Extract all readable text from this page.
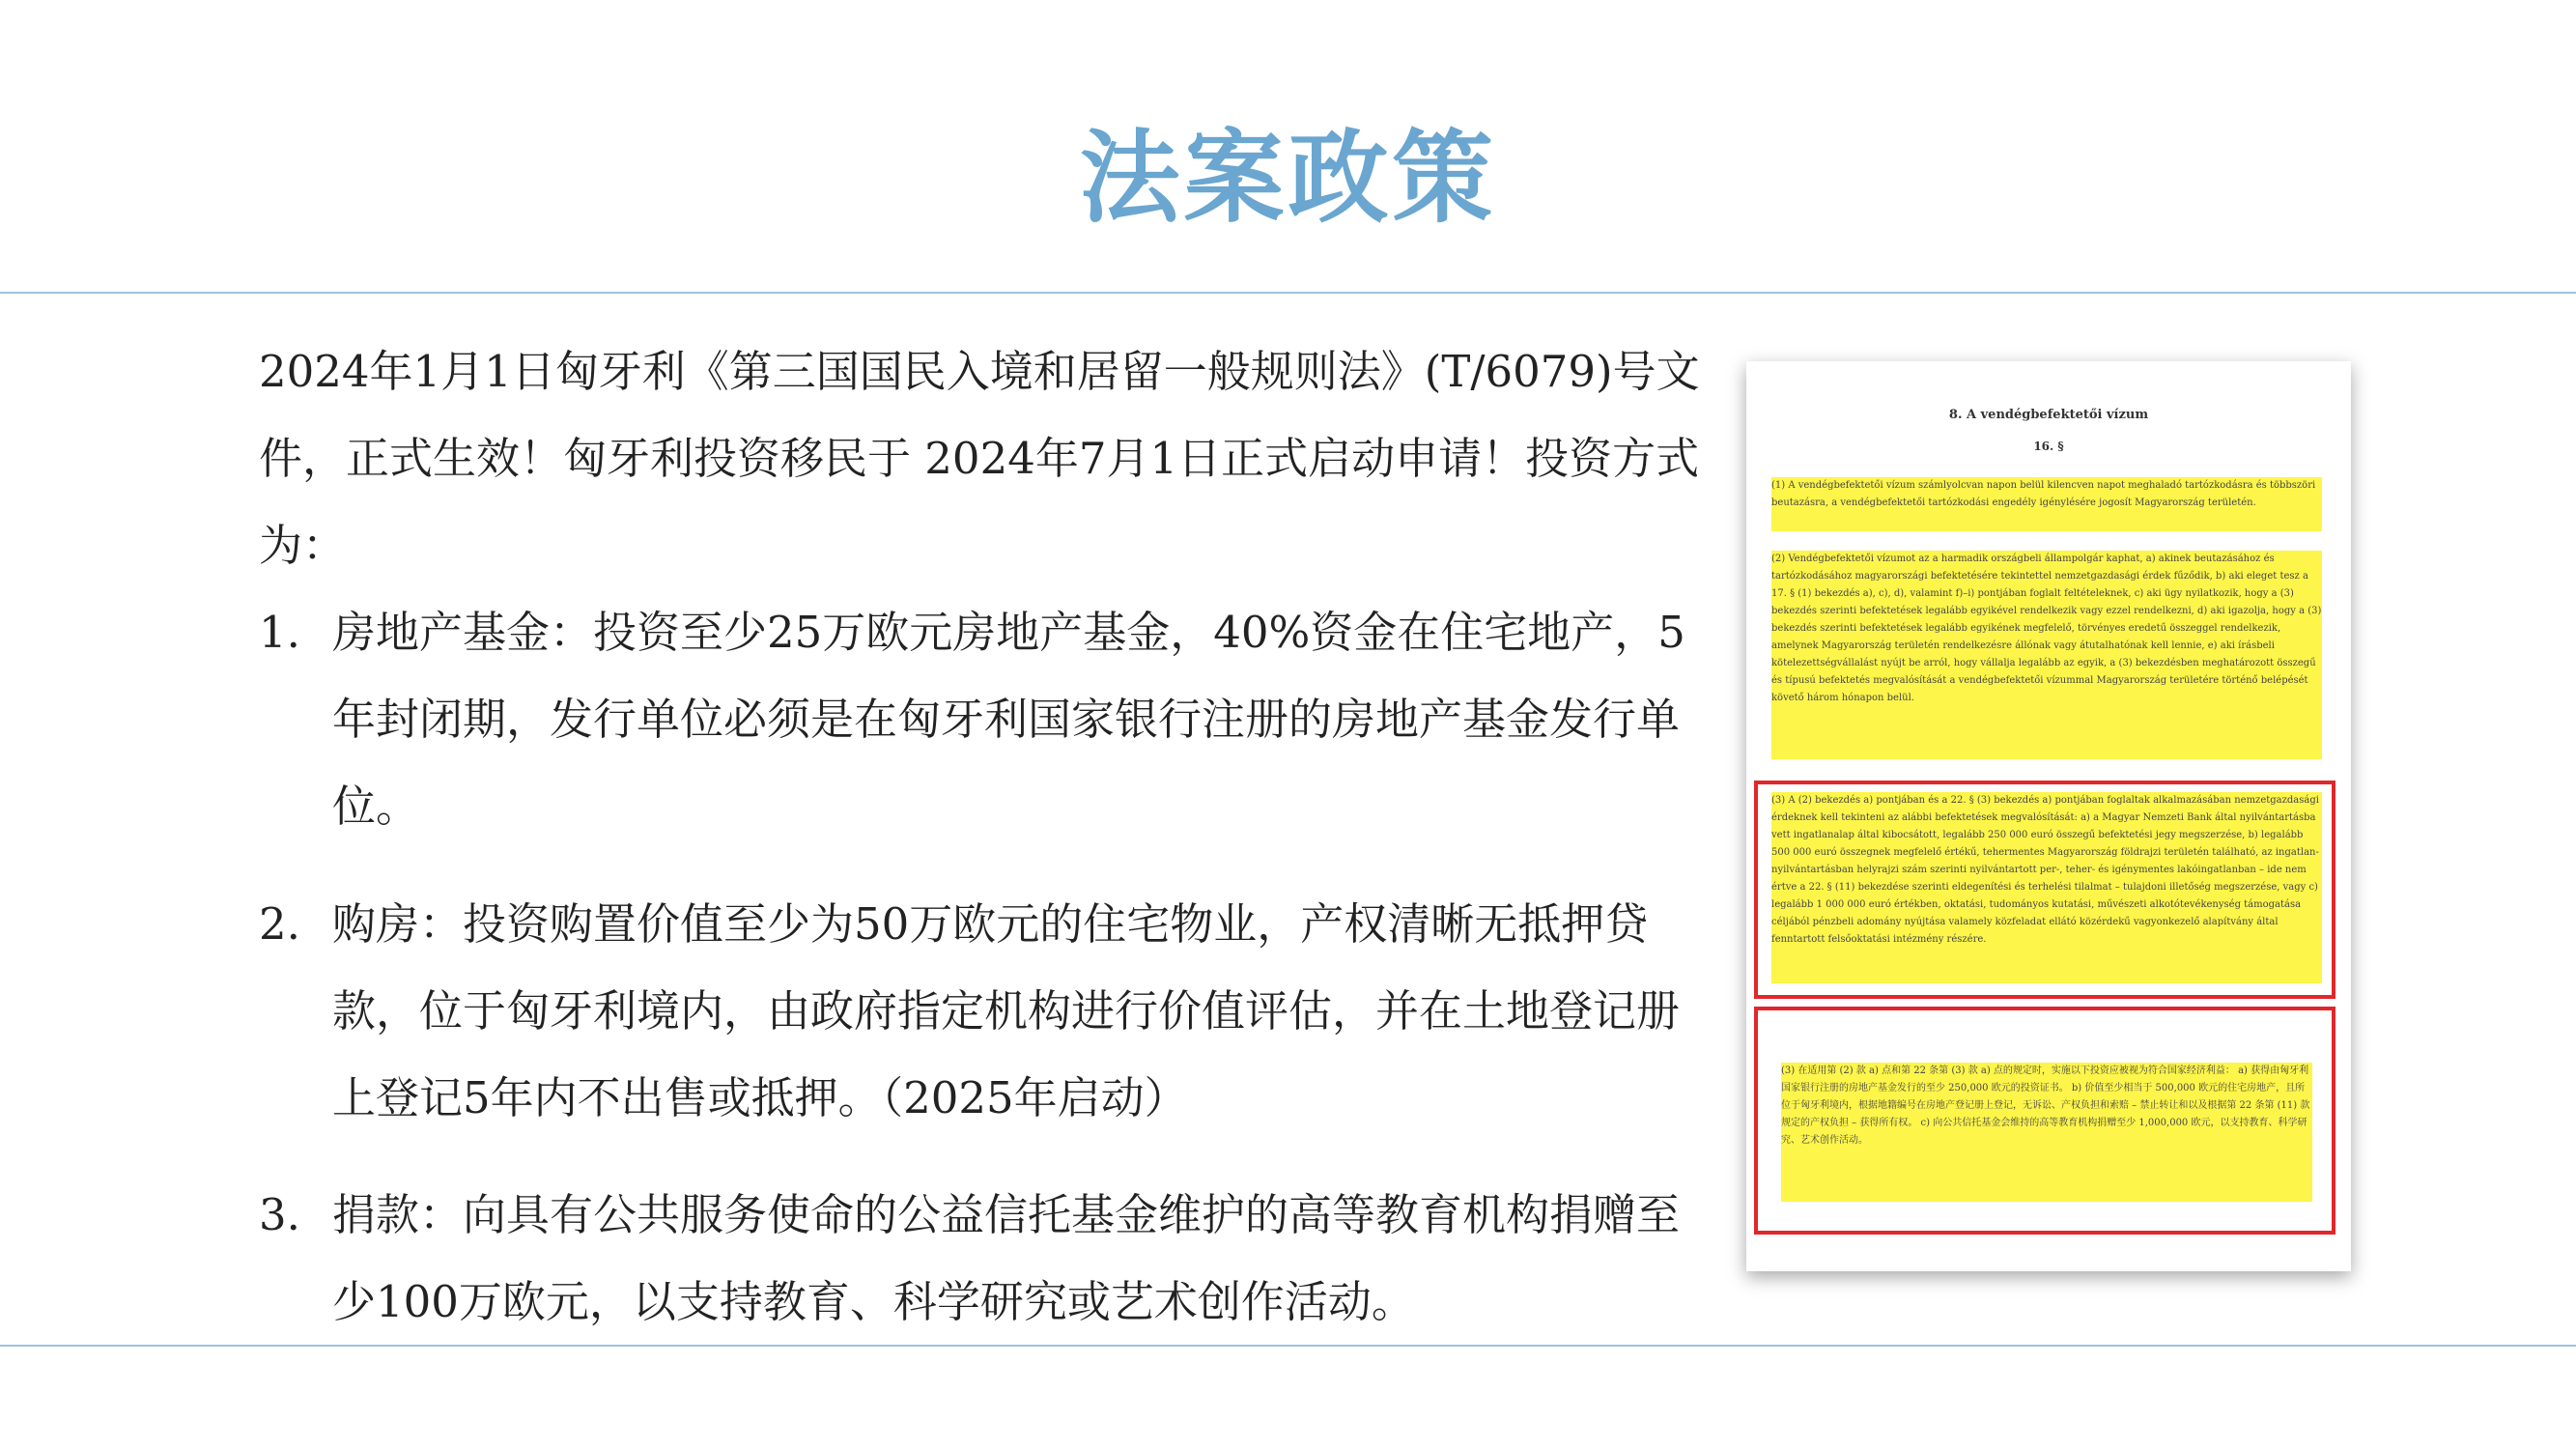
法案政策
2024年1月1日匈牙利《第三国国民入境和居留一般规则法》(T/6079)号文件，正式生效！匈牙利投资移民于 2024年7月1日正式启动申请！投资方式为：
1. 房地产基金：投资至少25万欧元房地产基金，40%资金在住宅地产，5年封闭期，发行单位必须是在匈牙利国家银行注册的房地产基金发行单位。
2. 购房：投资购置价值至少为50万欧元的住宅物业，产权清晰无抵押贷款，位于匈牙利境内，由政府指定机构进行价值评估，并在土地登记册上登记5年内不出售或抵押。（2025年启动）
3. 捐款：向具有公共服务使命的公益信托基金维护的高等教育机构捐赠至少100万欧元，以支持教育、科学研究或艺术创作活动。
8. A vendégbefektetői vízum
16. §
(1) A vendégbefektetői vízum számlyolcvan napon belül kilencven napot meghaladó tartózkodásra és többszöri beutazásra, a vendégbefektetői tartózkodási engedély igénylésére jogosít Magyarország területén.
(2) Vendégbefektetői vízumot az a harmadik országbeli állampolgár kaphat, a) akinek beutazásához és tartózkodásához magyarországi befektetésére tekintettel nemzetgazdasági érdek fűződik, b) aki eleget tesz a 17. § (1) bekezdés a), c), d), valamint f)–i) pontjában foglalt feltételeknek, c) aki ügy nyilatkozik, hogy a (3) bekezdés szerinti befektetések legalább egyikével rendelkezik vagy ezzel rendelkezni, d) aki igazolja, hogy a (3) bekezdés szerinti befektetések legalább egyikének megfelelő, törvényes eredetű összeggel rendelkezik, amelynek Magyarország területén rendelkezésre állónak vagy átutalhatónak kell lennie, e) aki írásbeli kötelezettségvállalást nyújt be arról, hogy vállalja legalább az egyik, a (3) bekezdésben meghatározott összegű és típusú befektetés megvalósítását a vendégbefektetői vízummal Magyarország területére történő belépését követő három hónapon belül.
(3) A (2) bekezdés a) pontjában és a 22. § (3) bekezdés a) pontjában foglaltak alkalmazásában nemzetgazdasági érdeknek kell tekinteni az alábbi befektetések megvalósítását: a) a Magyar Nemzeti Bank által nyilvántartásba vett ingatlanalap által kibocsátott, legalább 250 000 euró összegű befektetési jegy megszerzése, b) legalább 500 000 euró összegnek megfelelő értékű, tehermentes Magyarország földrajzi területén található, az ingatlan-nyilvántartásban helyrajzi szám szerinti nyilvántartott per-, teher- és igénymentes lakóingatlanban – ide nem értve a 22. § (11) bekezdése szerinti eldegenítési és terhelési tilalmat – tulajdoni illetőség megszerzése, vagy c) legalább 1 000 000 euró értékben, oktatási, tudományos kutatási, művészeti alkotótevékenység támogatása céljából pénzbeli adomány nyújtása valamely közfeladat ellátó közérdekű vagyonkezelő alapítvány által fenntartott felsőoktatási intézmény részére.
(3) 在适用第 (2) 款 a) 点和第 22 条第 (3) 款 a) 点的规定时，实施以下投资应被视为符合国家经济利益： a) 获得由匈牙利国家银行注册的房地产基金发行的至少 250,000 欧元的投资证书。 b) 价值至少相当于 500,000 欧元的住宅房地产，且所位于匈牙利境内，根据地籍编号在房地产登记册上登记，无诉讼、产权负担和索赔 – 禁止转让和以及根据第 22 条第 (11) 款规定的产权负担 – 获得所有权。 c) 向公共信托基金会维持的高等教育机构捐赠至少 1,000,000 欧元，以支持教育、科学研究、艺术创作活动。
